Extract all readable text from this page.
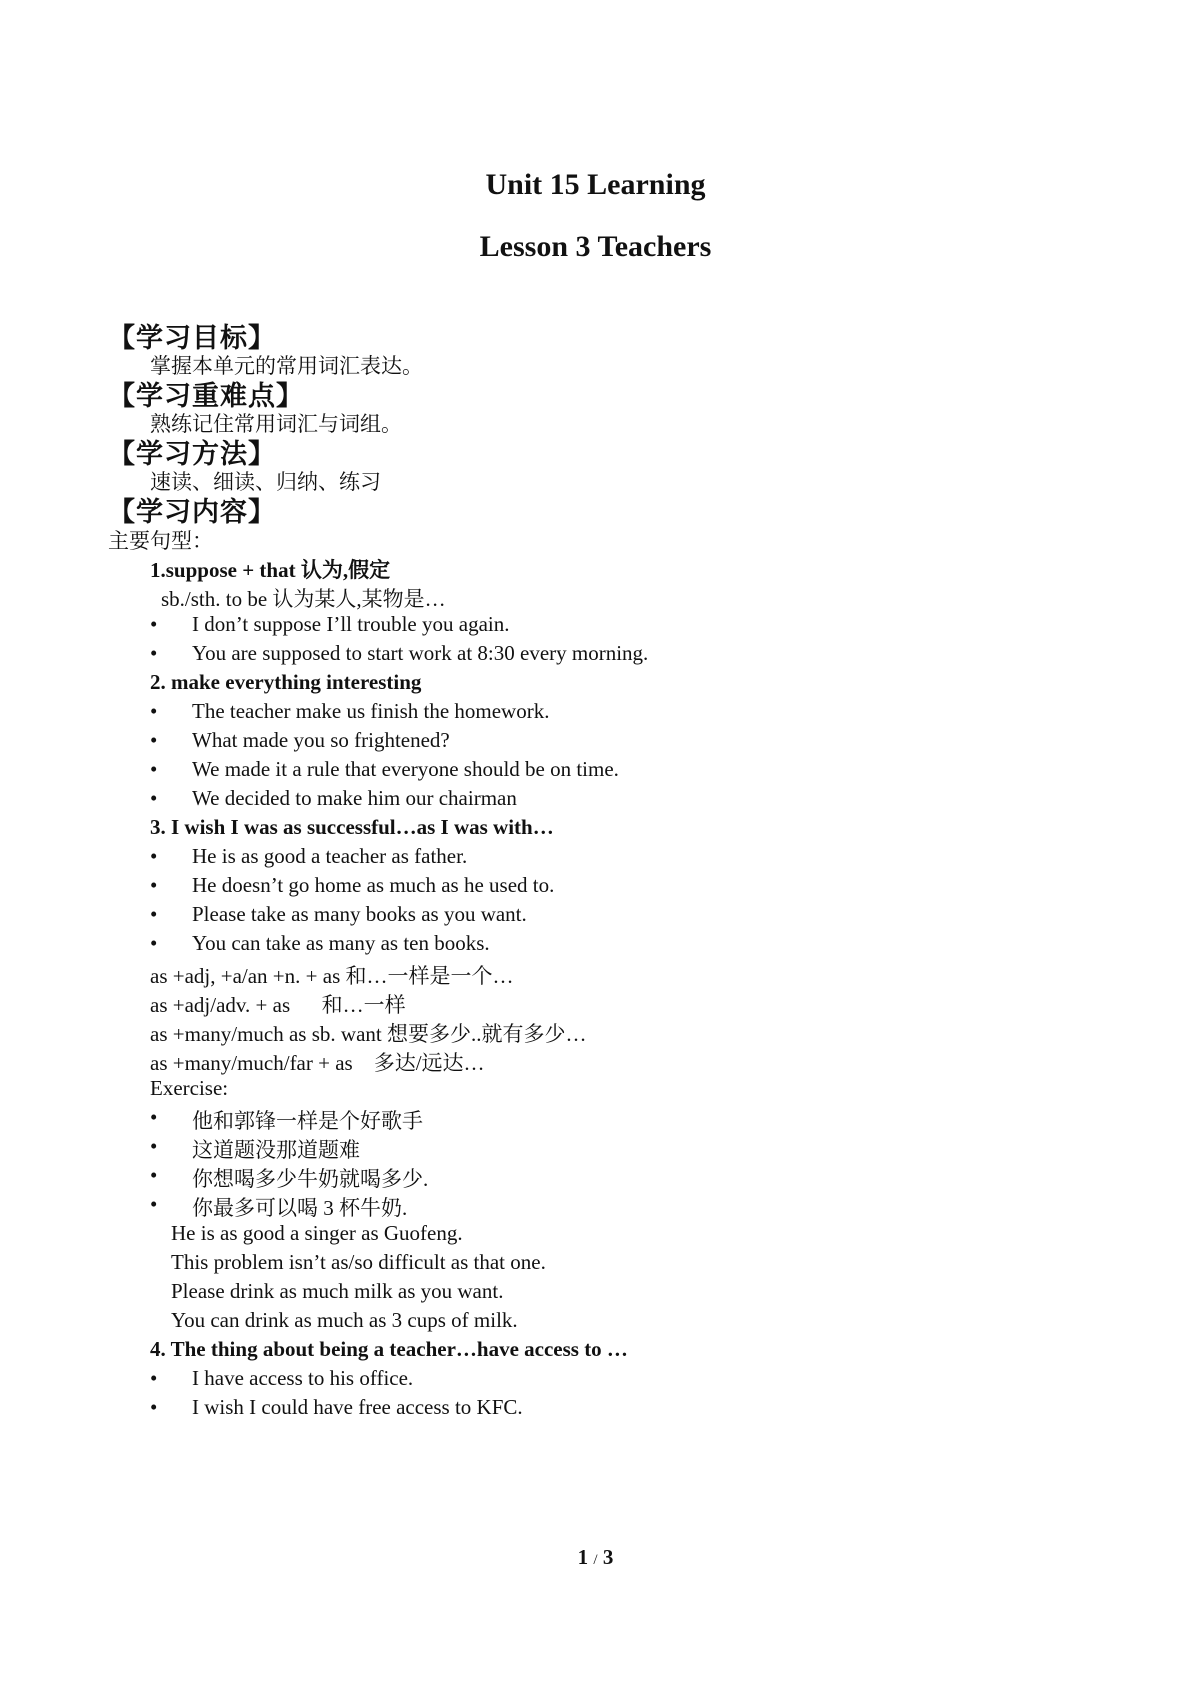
Unit 15 Learning
Lesson 3 Teachers
【学习目标】
掌握本单元的常用词汇表达。
【学习重难点】
熟练记住常用词汇与词组。
【学习方法】
速读、细读、归纳、练习
【学习内容】
主要句型：
1.suppose + that 认为,假定
sb./sth. to be 认为某人,某物是…
• I don’t suppose I’ll trouble you again.
• You are supposed to start work at 8:30 every morning.
2. make everything interesting
• The teacher make us finish the homework.
• What made you so frightened?
• We made it a rule that everyone should be on time.
• We decided to make him our chairman
3. I wish I was as successful…as I was with…
• He is as good a teacher as father.
• He doesn’t go home as much as he used to.
• Please take as many books as you want.
• You can take as many as ten books.
as +adj, +a/an +n. + as 和…一样是一个…
as +adj/adv. + as      和…一样
as +many/much as sb. want 想要多少..就有多少…
as +many/much/far + as    多达/远达…
Exercise:
• 他和郭锋一样是个好歌手
• 这道题没那道题难
• 你想喝多少牛奶就喝多少.
• 你最多可以喝 3 杯牛奶.
He is as good a singer as Guofeng.
This problem isn’t as/so difficult as that one.
Please drink as much milk as you want.
You can drink as much as 3 cups of milk.
4. The thing about being a teacher…have access to …
• I have access to his office.
• I wish I could have free access to KFC.
1 / 3
